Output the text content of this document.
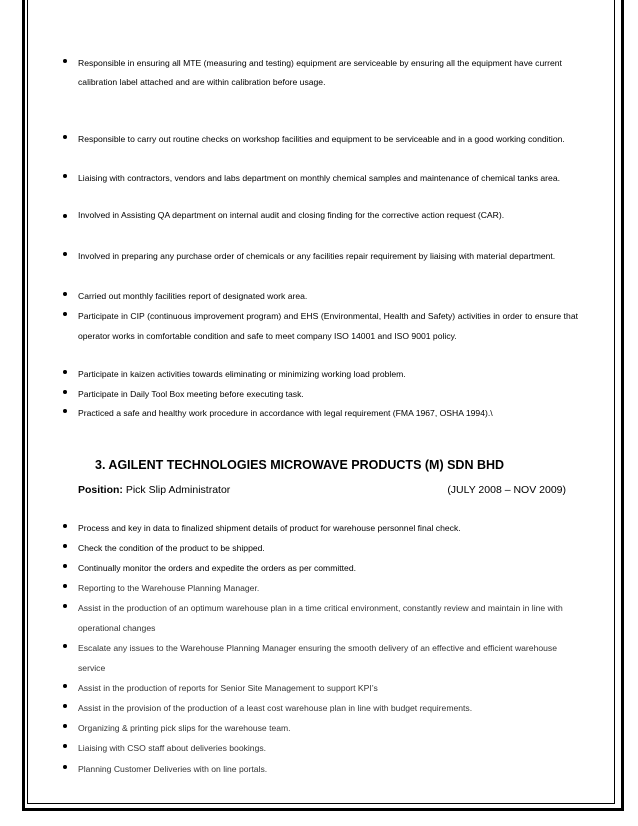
Responsible in ensuring all MTE (measuring and testing) equipment are serviceable by ensuring all the equipment have current calibration label attached and are within calibration before usage.
Responsible to carry out routine checks on workshop facilities and equipment to be serviceable and in a good working condition.
Liaising with contractors, vendors and labs department on monthly chemical samples and maintenance of chemical tanks area.
Involved in Assisting QA department on internal audit and closing finding for the corrective action request (CAR).
Involved in preparing any purchase order of chemicals or any facilities repair requirement by liaising with material department.
Carried out monthly facilities report of designated work area.
Participate in CIP (continuous improvement program) and EHS (Environmental, Health and Safety) activities in order to ensure that operator works in comfortable condition and safe to meet company ISO 14001 and ISO 9001 policy.
Participate in kaizen activities towards eliminating or minimizing working load problem.
Participate in Daily Tool Box meeting before executing task.
Practiced a safe and healthy work procedure in accordance with legal requirement (FMA 1967, OSHA 1994).\
3. AGILENT TECHNOLOGIES MICROWAVE PRODUCTS (M) SDN BHD
Position: Pick Slip Administrator	(JULY 2008 – NOV 2009)
Process and key in data to finalized shipment details of product for warehouse personnel final check.
Check the condition of the product to be shipped.
Continually monitor the orders and expedite the orders as per committed.
Reporting to the Warehouse Planning Manager.
Assist in the production of an optimum warehouse plan in a time critical environment, constantly review and maintain in line with operational changes
Escalate any issues to the Warehouse Planning Manager ensuring the smooth delivery of an effective and efficient warehouse service
Assist in the production of reports for Senior Site Management to support KPI’s
Assist in the provision of the production of a least cost warehouse plan in line with budget requirements.
Organizing & printing pick slips for the warehouse team.
Liaising with CSO staff about deliveries bookings.
Planning Customer Deliveries with on line portals.
